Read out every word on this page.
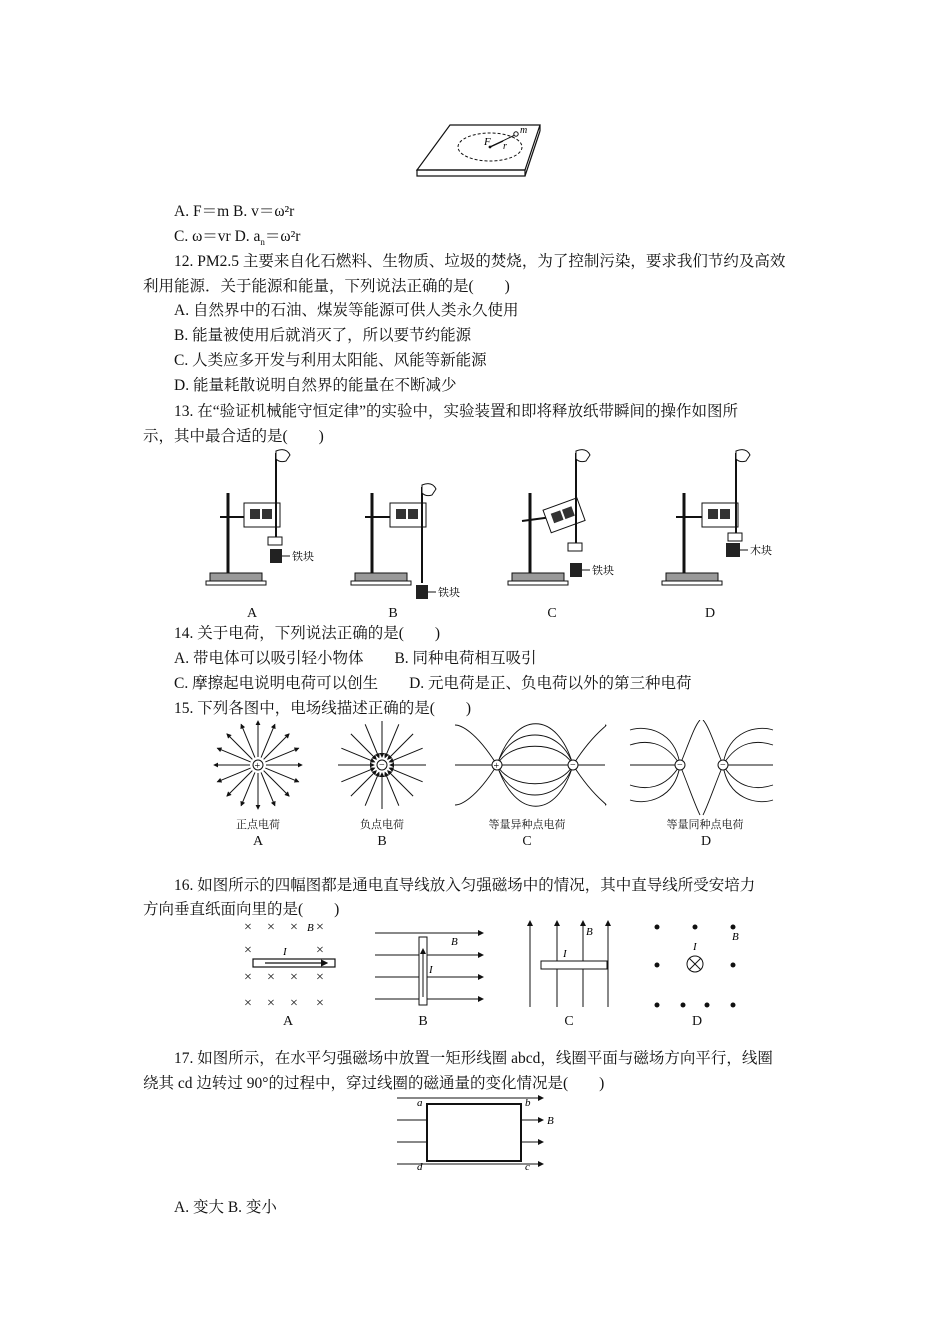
F r
m
A. F＝m B. v＝ω²r
C. ω＝vr D. $a_n=\omega^2r$
12. PM2.5 主要来自化石燃料、生物质、垃圾的焚烧，为了控制污染，要求我们节约及高效
利用能源．关于能源和能量，下列说法正确的是(　　)
A. 自然界中的石油、煤炭等能源可供人类永久使用
B. 能量被使用后就消灭了，所以要节约能源
C. 人类应多开发与利用太阳能、风能等新能源
D. 能量耗散说明自然界的能量在不断减少
13. 在“验证机械能守恒定律”的实验中，实验装置和即将释放纸带瞬间的操作如图所
示，其中最合适的是(　　)
铁块
铁块
铁块
木块
A	B	C	D
14. 关于电荷，下列说法正确的是(　　)
A. 带电体可以吸引轻小物体　　B. 同种电荷相互吸引
C. 摩擦起电说明电荷可以创生　　D. 元电荷是正、负电荷以外的第三种电荷
15. 下列各图中，电场线描述正确的是(　　)
+	−	+	−	−	−
正点电荷	负点电荷	等量异种点电荷	等量同种点电荷
A	B	C	D
16. 如图所示的四幅图都是通电直导线放入匀强磁场中的情况，其中直导线所受安培力
方向垂直纸面向里的是(　　)
× × × ×
×	×
× × × ×
× × × ×
B
I
B
I
B
I
B
I
A	B	C	D
17. 如图所示，在水平匀强磁场中放置一矩形线圈 abcd，线圈平面与磁场方向平行，线圈
绕其 cd 边转过 90°的过程中，穿过线圈的磁通量的变化情况是(　　)
a	b
c
d
B
A. 变大 B. 变小
